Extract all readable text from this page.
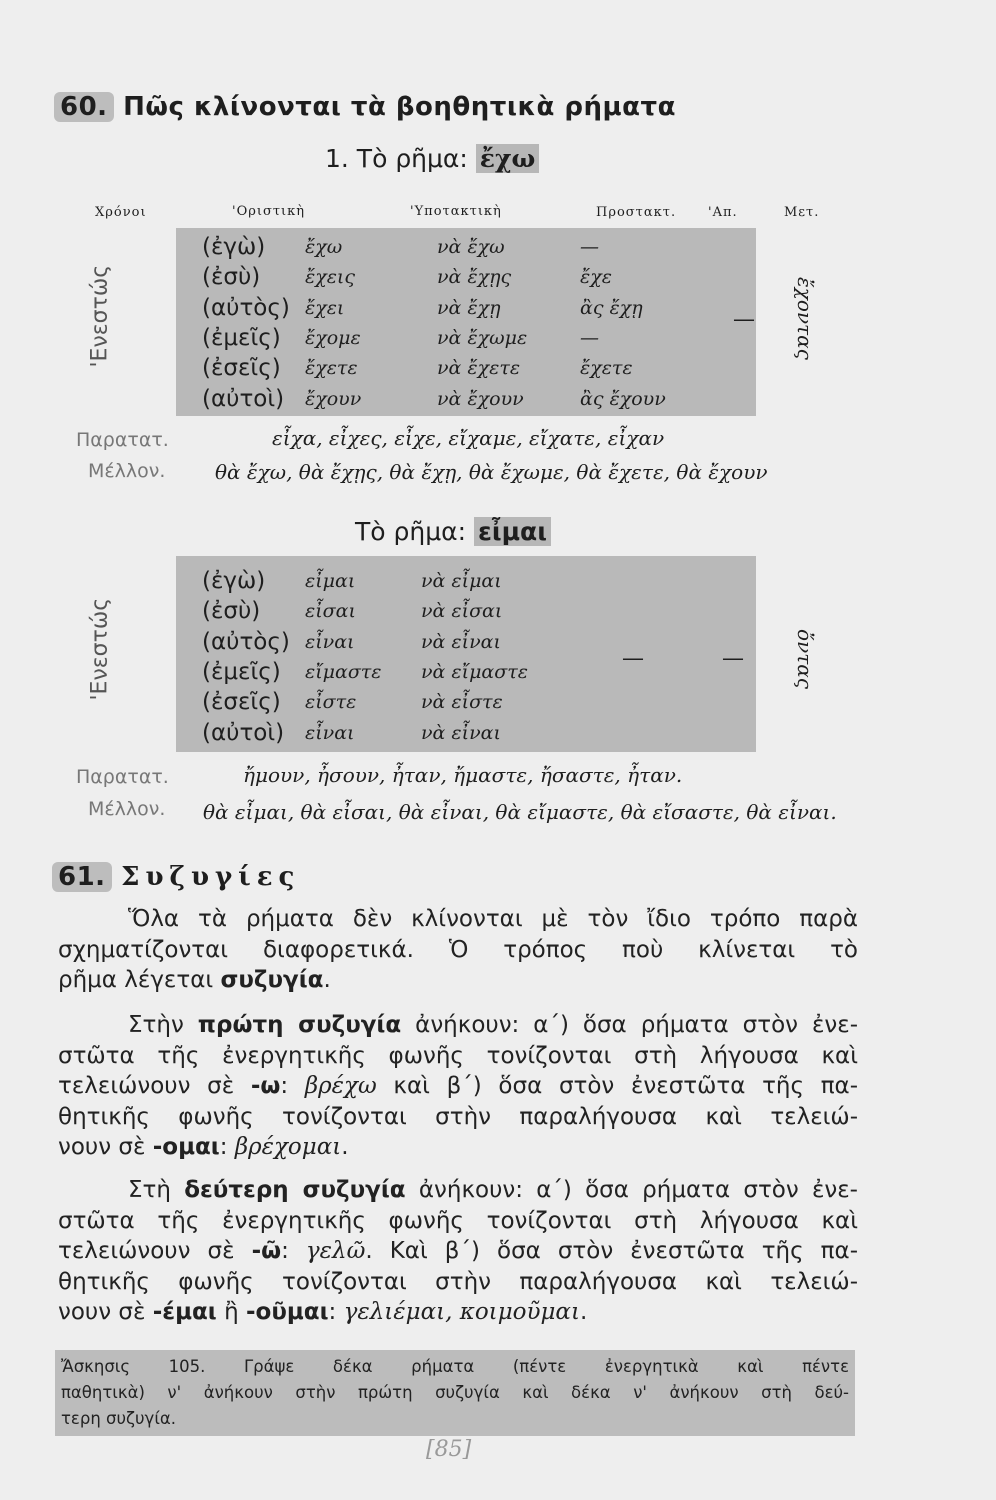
60. Πῶς κλίνονται τὰ βοηθητικὰ ρήματα
1. Τὸ ρῆμα: ἔχω
Χρόνοι	'Οριστικὴ	'Υποτακτικὴ	Προστακτ. 'Απ.	Μετ.
'Ενεστώς
(ἐγὼ) ἔχω	νὰ ἔχω	—
(ἐσὺ) ἔχεις	νὰ ἔχῃς	ἔχε
(αὐτὸς) ἔχει	νὰ ἔχῃ	ἂς ἔχῃ
(ἐμεῖς) ἔχομε	νὰ ἔχωμε	—
(ἐσεῖς) ἔχετε	νὰ ἔχετε	ἔχετε
(αὐτοὶ) ἔχουν	νὰ ἔχουν	ἂς ἔχουν
— ἔχοντας
Παρατατ.	εἶχα, εἶχες, εἶχε, εἴχαμε, εἴχατε, εἶχαν
Μέλλον. θὰ ἔχω, θὰ ἔχῃς, θὰ ἔχῃ, θὰ ἔχωμε, θὰ ἔχετε, θὰ ἔχουν
Τὸ ρῆμα: εἶμαι
'Ενεστώς
(ἐγὼ) εἶμαι	νὰ εἶμαι
(ἐσὺ) εἶσαι	νὰ εἶσαι
(αὐτὸς) εἶναι	νὰ εἶναι
(ἐμεῖς) εἴμαστε νὰ εἴμαστε
(ἐσεῖς) εἶστε	νὰ εἶστε
(αὐτοὶ) εἶναι	νὰ εἶναι
—	— ὄντας
Παρατατ.	ἤμουν, ἦσουν, ἦταν, ἤμαστε, ἤσαστε, ἦταν.
Μέλλον. θὰ εἶμαι, θὰ εἶσαι, θὰ εἶναι, θὰ εἴμαστε, θὰ εἴσαστε, θὰ εἶναι.
61. Συζυγίες

Ὅλα τὰ ρήματα δὲν κλίνονται μὲ τὸν ἴδιο τρόπο παρὰ

σχηματίζονται διαφορετικά. Ὁ τρόπος ποὺ κλίνεται τὸ

ρῆμα λέγεται συζυγία.

Στὴν πρώτη συζυγία ἀνήκουν: α΄) ὅσα ρήματα στὸν ἐνε-

στῶτα τῆς ἐνεργητικῆς φωνῆς τονίζονται στὴ λήγουσα καὶ

τελειώνουν σὲ -ω: βρέχω καὶ β΄) ὅσα στὸν ἐνεστῶτα τῆς πα-

θητικῆς φωνῆς τονίζονται στὴν παραλήγουσα καὶ τελειώ-

νουν σὲ -ομαι: βρέχομαι.

Στὴ δεύτερη συζυγία ἀνήκουν: α΄) ὅσα ρήματα στὸν ἐνε-

στῶτα τῆς ἐνεργητικῆς φωνῆς τονίζονται στὴ λήγουσα καὶ

τελειώνουν σὲ -ῶ: γελῶ. Καὶ β΄) ὅσα στὸν ἐνεστῶτα τῆς πα-

θητικῆς φωνῆς τονίζονται στὴν παραλήγουσα καὶ τελειώ-

νουν σὲ -έμαι ἢ -οῦμαι: γελιέμαι, κοιμοῦμαι.

Ἄσκησις 105. Γράψε δέκα ρήματα (πέντε ἐνεργητικὰ καὶ πέντε

παθητικὰ) ν' ἀνήκουν στὴν πρώτη συζυγία καὶ δέκα ν' ἀνήκουν στὴ δεύ-

τερη συζυγία.

[85]
